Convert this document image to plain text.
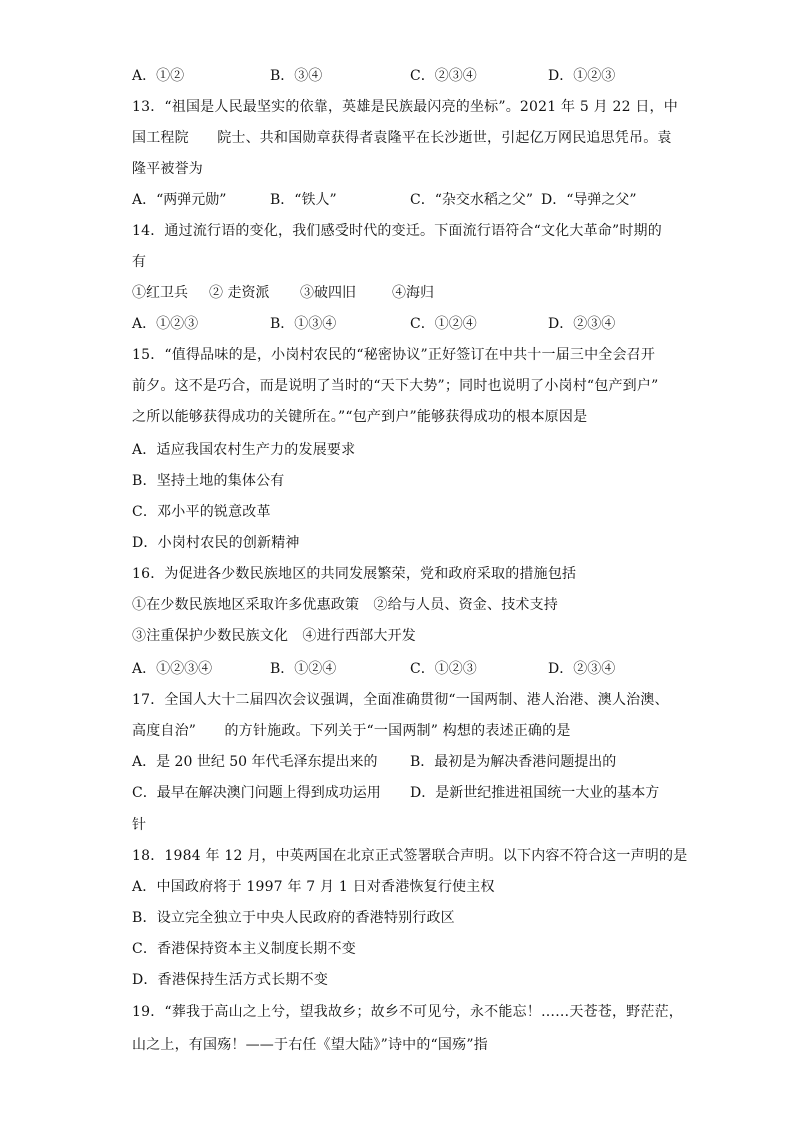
A．①②	B．③④	C．②③④	D．①②③
13．“祖国是人民最坚实的依靠，英雄是民族最闪亮的坐标”。2021 年 5 月 22 日，中
国工程院　　院士、共和国勋章获得者袁隆平在长沙逝世，引起亿万网民追思凭吊。袁
隆平被誉为
A．“两弹元勋”	B．“铁人”	C．“杂交水稻之父” D．“导弹之父”
14．通过流行语的变化，我们感受时代的变迁。下面流行语符合“文化大革命”时期的
有
①红卫兵 ② 走资派 ③破四旧	④海归
A．①②③	B．①③④	C．①②④	D．②③④
15．“值得品味的是，小岗村农民的“秘密协议”正好签订在中共十一届三中全会召开
前夕。这不是巧合，而是说明了当时的“天下大势”；同时也说明了小岗村“包产到户”
之所以能够获得成功的关键所在。”“包产到户”能够获得成功的根本原因是
A．适应我国农村生产力的发展要求
B．坚持土地的集体公有
C．邓小平的锐意改革
D．小岗村农民的创新精神
16．为促进各少数民族地区的共同发展繁荣，党和政府采取的措施包括
①在少数民族地区采取许多优惠政策　②给与人员、资金、技术支持
③注重保护少数民族文化　④进行西部大开发
A．①②③④	B．①②④	C．①②③	D．②③④
17．全国人大十二届四次会议强调，全面准确贯彻“一国两制、港人治港、澳人治澳、
高度自治”　　的方针施政。下列关于“一国两制” 构想的表述正确的是
A．是 20 世纪 50 年代毛泽东提出来的 B．最初是为解决香港问题提出的
C．最早在解决澳门问题上得到成功运用 D．是新世纪推进祖国统一大业的基本方
针
18．1984 年 12 月，中英两国在北京正式签署联合声明。以下内容不符合这一声明的是
A．中国政府将于 1997 年 7 月 1 日对香港恢复行使主权
B．设立完全独立于中央人民政府的香港特别行政区
C．香港保持资本主义制度长期不变
D．香港保持生活方式长期不变
19．“葬我于高山之上兮，望我故乡；故乡不可见兮，永不能忘！……天苍苍，野茫茫，
山之上，有国殇！——于右任《望大陆》”诗中的“国殇”指
